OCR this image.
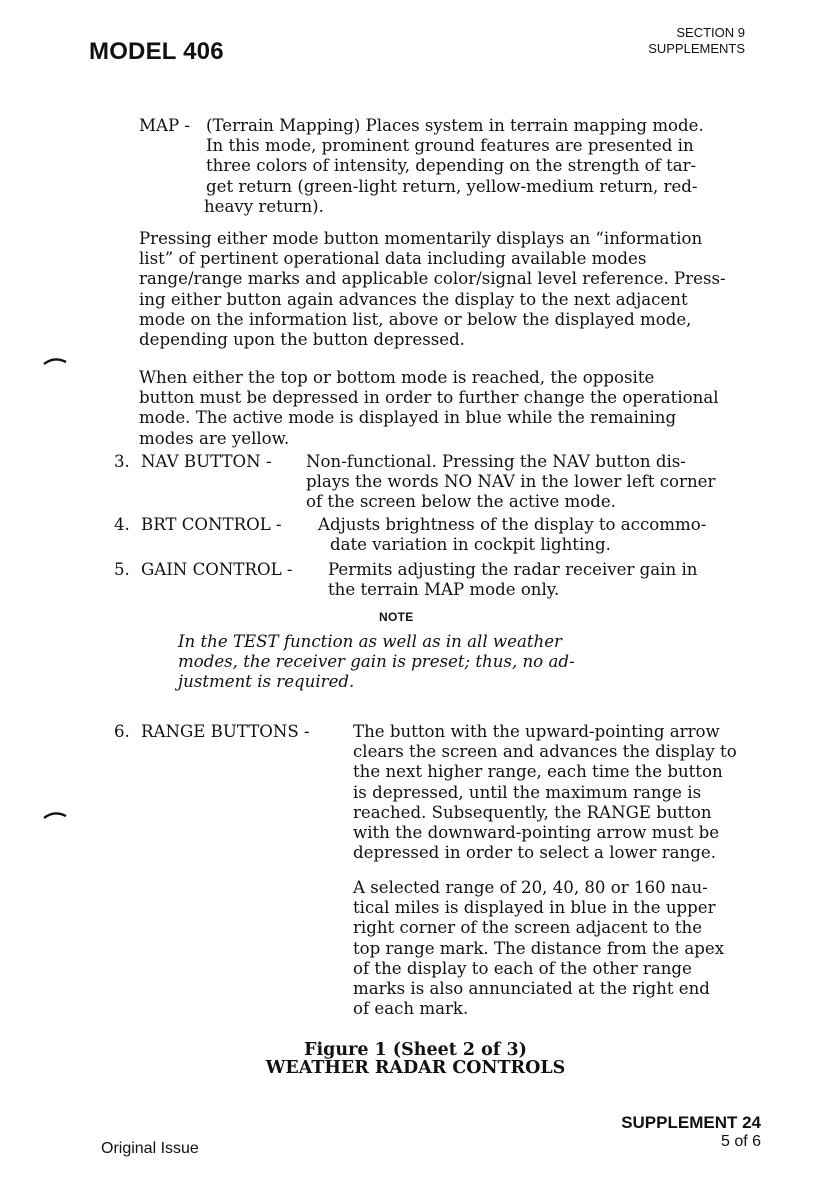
MODEL 406
SECTION 9
SUPPLEMENTS
MAP - (Terrain Mapping) Places system in terrain mapping mode.
In this mode, prominent ground features are presented in
three colors of intensity, depending on the strength of tar-
get return (green-light return, yellow-medium return, red-
heavy return).
Pressing either mode button momentarily displays an “information
list” of pertinent operational data including available modes
range/range marks and applicable color/signal level reference. Press-
ing either button again advances the display to the next adjacent
mode on the information list, above or below the displayed mode,
depending upon the button depressed.
When either the top or bottom mode is reached, the opposite
button must be depressed in order to further change the operational
mode. The active mode is displayed in blue while the remaining
modes are yellow.
3. NAV BUTTON - Non-functional. Pressing the NAV button dis-
plays the words NO NAV in the lower left corner
of the screen below the active mode.
4. BRT CONTROL - Adjusts brightness of the display to accommo-
date variation in cockpit lighting.
5. GAIN CONTROL - Permits adjusting the radar receiver gain in
the terrain MAP mode only.
NOTE
In the TEST function as well as in all weather
modes, the receiver gain is preset; thus, no ad-
justment is required.
6. RANGE BUTTONS -	The button with the upward-pointing arrow
clears the screen and advances the display to
the next higher range, each time the button
is depressed, until the maximum range is
reached. Subsequently, the RANGE button
with the downward-pointing arrow must be
depressed in order to select a lower range.
A selected range of 20, 40, 80 or 160 nau-
tical miles is displayed in blue in the upper
right corner of the screen adjacent to the
top range mark. The distance from the apex
of the display to each of the other range
marks is also annunciated at the right end
of each mark.
Figure 1 (Sheet 2 of 3)
WEATHER RADAR CONTROLS
SUPPLEMENT 24
5 of 6
Original Issue
